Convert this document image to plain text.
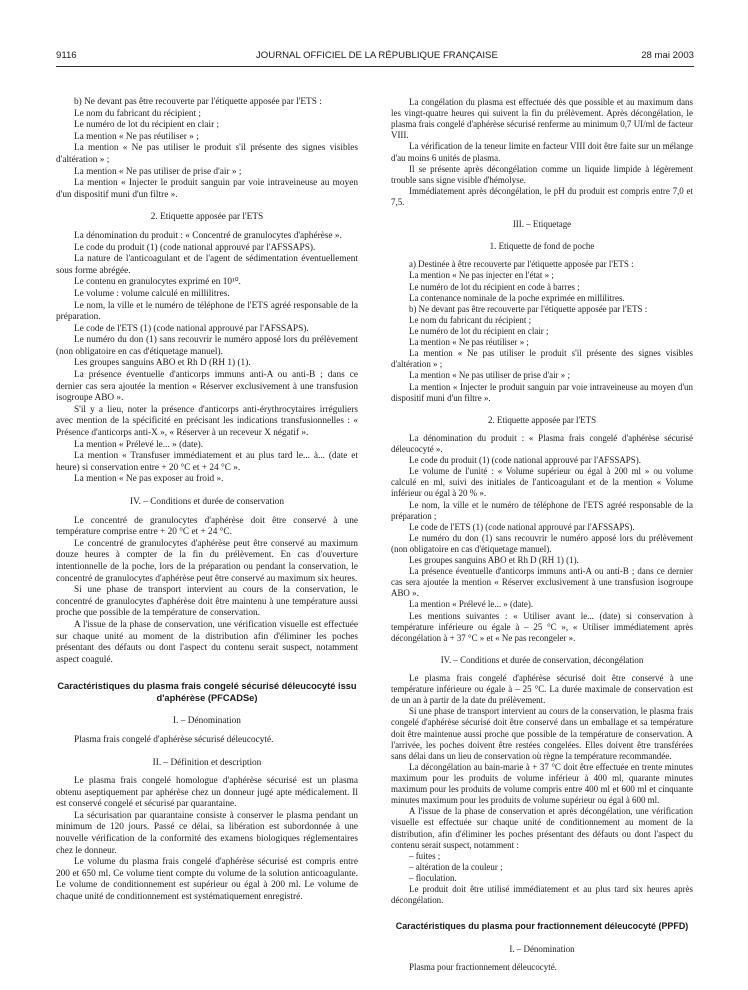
9116	JOURNAL OFFICIEL DE LA RÉPUBLIQUE FRANÇAISE	28 mai 2003

b) Ne devant pas être recouverte par l'étiquette apposée par l'ETS :

Le nom du fabricant du récipient ;

Le numéro de lot du récipient en clair ;

La mention « Ne pas réutiliser » ;

La mention « Ne pas utiliser le produit s'il présente des signes visibles d'altération » ;

La mention « Ne pas utiliser de prise d'air » ;

La mention « Injecter le produit sanguin par voie intraveineuse au moyen d'un dispositif muni d'un filtre ».

2. Etiquette apposée par l'ETS

La dénomination du produit : « Concentré de granulocytes d'aphérèse ».

Le code du produit (1) (code national approuvé par l'AFSSAPS).

La nature de l'anticoagulant et de l'agent de sédimentation éventuellement sous forme abrégée.

Le contenu en granulocytes exprimé en 10¹⁰.

Le volume : volume calculé en millilitres.

Le nom, la ville et le numéro de téléphone de l'ETS agréé responsable de la préparation.

Le code de l'ETS (1) (code national approuvé par l'AFSSAPS).

Le numéro du don (1) sans recouvrir le numéro apposé lors du prélèvement (non obligatoire en cas d'étiquetage manuel).

Les groupes sanguins ABO et Rh D (RH 1) (1).

La présence éventuelle d'anticorps immuns anti-A ou anti-B ; dans ce dernier cas sera ajoutée la mention « Réserver exclusivement à une transfusion isogroupe ABO ».

S'il y a lieu, noter la présence d'anticorps anti-érythrocytaires irréguliers avec mention de la spécificité en précisant les indications transfusionnelles : « Présence d'anticorps anti-X », « Réserver à un receveur X négatif ».

La mention « Prélevé le... » (date).

La mention « Transfuser immédiatement et au plus tard le... à... (date et heure) si conservation entre + 20 °C et + 24 °C ».

La mention « Ne pas exposer au froid ».

IV. – Conditions et durée de conservation

Le concentré de granulocytes d'aphérèse doit être conservé à une température comprise entre + 20 °C et + 24 °C.

Le concentré de granulocytes d'aphérèse peut être conservé au maximum douze heures à compter de la fin du prélèvement. En cas d'ouverture intentionnelle de la poche, lors de la préparation ou pendant la conservation, le concentré de granulocytes d'aphérèse peut être conservé au maximum six heures.

Si une phase de transport intervient au cours de la conservation, le concentré de granulocytes d'aphérèse doit être maintenu à une température aussi proche que possible de la température de conservation.

A l'issue de la phase de conservation, une vérification visuelle est effectuée sur chaque unité au moment de la distribution afin d'éliminer les poches présentant des défauts ou dont l'aspect du contenu serait suspect, notamment aspect coagulé.

Caractéristiques du plasma frais congelé sécurisé déleucocyté issu d'aphérèse (PFCADSe)

I. – Dénomination

Plasma frais congelé d'aphérèse sécurisé déleucocyté.

II. – Définition et description

Le plasma frais congelé homologue d'aphérèse sécurisé est un plasma obtenu aseptiquement par aphérèse chez un donneur jugé apte médicalement. Il est conservé congelé et sécurisé par quarantaine.

La sécurisation par quarantaine consiste à conserver le plasma pendant un minimum de 120 jours. Passé ce délai, sa libération est subordonnée à une nouvelle vérification de la conformité des examens biologiques réglementaires chez le donneur.

Le volume du plasma frais congelé d'aphérèse sécurisé est compris entre 200 et 650 ml. Ce volume tient compte du volume de la solution anticoagulante. Le volume de conditionnement est supérieur ou égal à 200 ml. Le volume de chaque unité de conditionnement est systématiquement enregistré.

La congélation du plasma est effectuée dès que possible et au maximum dans les vingt-quatre heures qui suivent la fin du prélèvement. Après décongélation, le plasma frais congelé d'aphérèse sécurisé renferme au minimum 0,7 UI/ml de facteur VIII.

La vérification de la teneur limite en facteur VIII doit être faite sur un mélange d'au moins 6 unités de plasma.

Il se présente après décongélation comme un liquide limpide à légèrement trouble sans signe visible d'hémolyse.

Immédiatement après décongélation, le pH du produit est compris entre 7,0 et 7,5.

III. – Etiquetage

1. Etiquette de fond de poche

a) Destinée à être recouverte par l'étiquette apposée par l'ETS :

La mention « Ne pas injecter en l'état » ;

Le numéro de lot du récipient en code à barres ;

La contenance nominale de la poche exprimée en millilitres.

b) Ne devant pas être recouverte par l'étiquette apposée par l'ETS :

Le nom du fabricant du récipient ;

Le numéro de lot du récipient en clair ;

La mention « Ne pas réutiliser » ;

La mention « Ne pas utiliser le produit s'il présente des signes visibles d'altération » ;

La mention « Ne pas utiliser de prise d'air » ;

La mention « Injecter le produit sanguin par voie intraveineuse au moyen d'un dispositif muni d'un filtre ».

2. Etiquette apposée par l'ETS

La dénomination du produit : « Plasma frais congelé d'aphérèse sécurisé déleucocyté ».

Le code du produit (1) (code national approuvé par l'AFSSAPS).

Le volume de l'unité : « Volume supérieur ou égal à 200 ml » ou volume calculé en ml, suivi des initiales de l'anticoagulant et de la mention « Volume inférieur ou égal à 20 % ».

Le nom, la ville et le numéro de téléphone de l'ETS agréé responsable de la préparation ;

Le code de l'ETS (1) (code national approuvé par l'AFSSAPS).

Le numéro du don (1) sans recouvrir le numéro apposé lors du prélèvement (non obligatoire en cas d'étiquetage manuel).

Les groupes sanguins ABO et Rh D (RH 1) (1).

La présence éventuelle d'anticorps immuns anti-A ou anti-B ; dans ce dernier cas sera ajoutée la mention « Réserver exclusivement à une transfusion isogroupe ABO ».

La mention « Prélevé le... » (date).

Les mentions suivantes : « Utiliser avant le... (date) si conservation à température inférieure ou égale à – 25 °C », « Utiliser immédiatement après décongélation à + 37 °C » et « Ne pas recongeler ».

IV. – Conditions et durée de conservation, décongélation

Le plasma frais congelé d'aphérèse sécurisé doit être conservé à une température inférieure ou égale à – 25 °C. La durée maximale de conservation est de un an à partir de la date du prélèvement.

Si une phase de transport intervient au cours de la conservation, le plasma frais congelé d'aphérèse sécurisé doit être conservé dans un emballage et sa température doit être maintenue aussi proche que possible de la température de conservation. A l'arrivée, les poches doivent être restées congelées. Elles doivent être transférées sans délai dans un lieu de conservation où règne la température recommandée.

La décongélation au bain-marie à + 37 °C doit être effectuée en trente minutes maximum pour les produits de volume inférieur à 400 ml, quarante minutes maximum pour les produits de volume compris entre 400 ml et 600 ml et cinquante minutes maximum pour les produits de volume supérieur ou égal à 600 ml.

A l'issue de la phase de conservation et après décongélation, une vérification visuelle est effectuée sur chaque unité de conditionnement au moment de la distribution, afin d'éliminer les poches présentant des défauts ou dont l'aspect du contenu serait suspect, notamment :

– fuites ;

– altération de la couleur ;

– floculation.

Le produit doit être utilisé immédiatement et au plus tard six heures après décongélation.

Caractéristiques du plasma pour fractionnement déleucocyté (PPFD)

I. – Dénomination

Plasma pour fractionnement déleucocyté.
